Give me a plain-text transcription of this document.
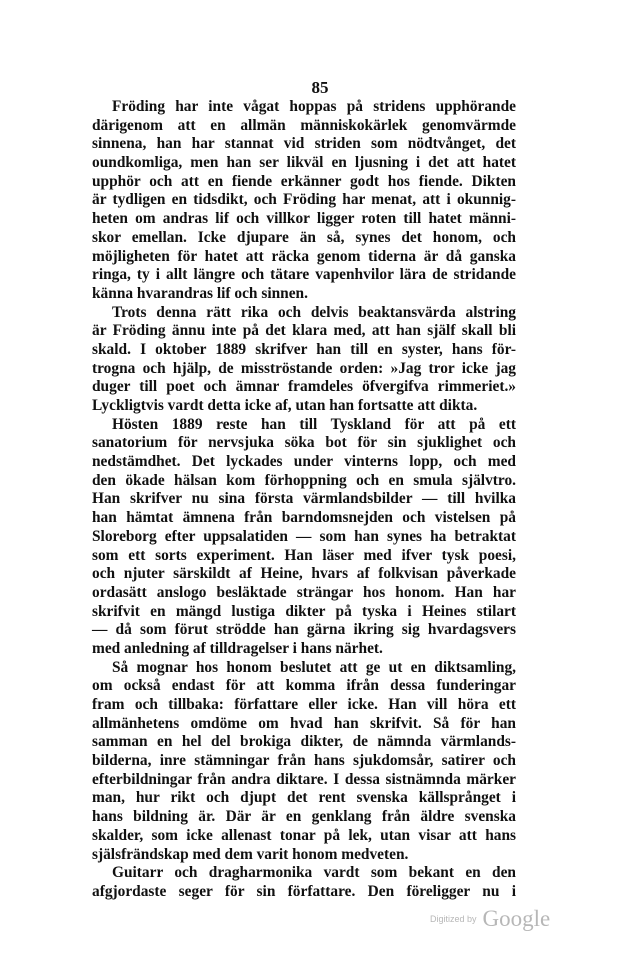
85
Fröding har inte vågat hoppas på stridens upphörande
därigenom att en allmän människokärlek genomvärmde
sinnena, han har stannat vid striden som nödtvånget, det
oundkomliga, men han ser likväl en ljusning i det att hatet
upphör och att en fiende erkänner godt hos fiende. Dikten
är tydligen en tidsdikt, och Fröding har menat, att i okunnig-
heten om andras lif och villkor ligger roten till hatet männi-
skor emellan. Icke djupare än så, synes det honom, och
möjligheten för hatet att räcka genom tiderna är då ganska
ringa, ty i allt längre och tätare vapenhvilor lära de stridande
känna hvarandras lif och sinnen.
Trots denna rätt rika och delvis beaktansvärda alstring
är Fröding ännu inte på det klara med, att han själf skall bli
skald. I oktober 1889 skrifver han till en syster, hans för-
trogna och hjälp, de misströstande orden: »Jag tror icke jag
duger till poet och ämnar framdeles öfvergifva rimmeriet.»
Lyckligtvis vardt detta icke af, utan han fortsatte att dikta.
Hösten 1889 reste han till Tyskland för att på ett
sanatorium för nervsjuka söka bot för sin sjuklighet och
nedstämdhet. Det lyckades under vinterns lopp, och med
den ökade hälsan kom förhoppning och en smula självtro.
Han skrifver nu sina första värmlandsbilder — till hvilka
han hämtat ämnena från barndomsnejden och vistelsen på
Sloreborg efter uppsalatiden — som han synes ha betraktat
som ett sorts experiment. Han läser med ifver tysk poesi,
och njuter särskildt af Heine, hvars af folkvisan påverkade
ordasätt anslogo besläktade strängar hos honom. Han har
skrifvit en mängd lustiga dikter på tyska i Heines stilart
— då som förut strödde han gärna ikring sig hvardagsvers
med anledning af tilldragelser i hans närhet.
Så mognar hos honom beslutet att ge ut en diktsamling,
om också endast för att komma ifrån dessa funderingar
fram och tillbaka: författare eller icke. Han vill höra ett
allmänhetens omdöme om hvad han skrifvit. Så för han
samman en hel del brokiga dikter, de nämnda värmlands-
bilderna, inre stämningar från hans sjukdomsår, satirer och
efterbildningar från andra diktare. I dessa sistnämnda märker
man, hur rikt och djupt det rent svenska källsprånget i
hans bildning är. Där är en genklang från äldre svenska
skalder, som icke allenast tonar på lek, utan visar att hans
själsfrändskap med dem varit honom medveten.
Guitarr och dragharmonika vardt som bekant en den
afgjordaste seger för sin författare. Den föreligger nu i
Digitized by Google
